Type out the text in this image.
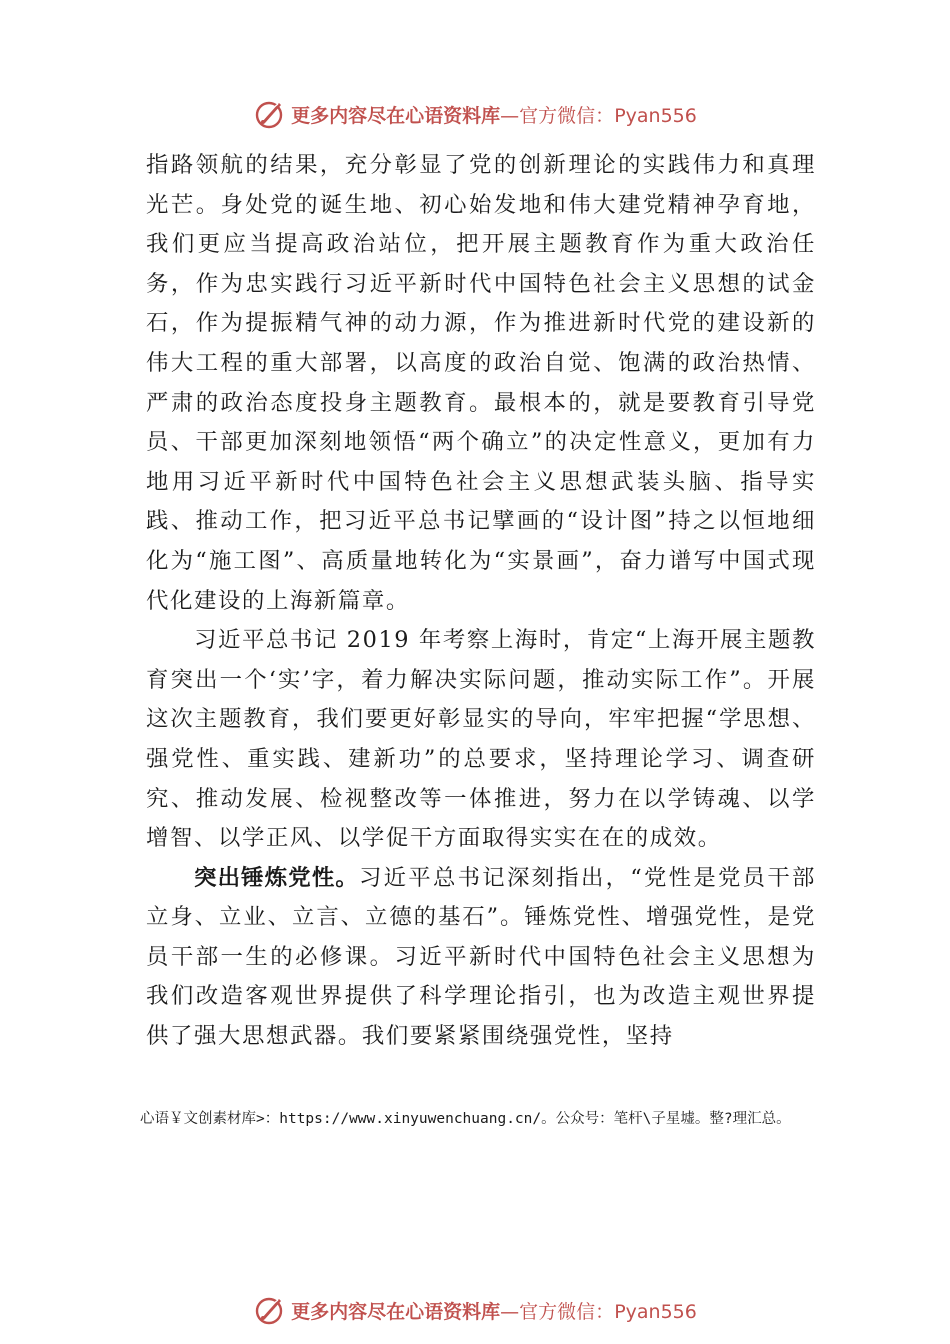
更多内容尽在心语资料库—官方微信：Pyan556

指路领航的结果，充分彰显了党的创新理论的实践伟力和真理光芒。身处党的诞生地、初心始发地和伟大建党精神孕育地，我们更应当提高政治站位，把开展主题教育作为重大政治任务，作为忠实践行习近平新时代中国特色社会主义思想的试金石，作为提振精气神的动力源，作为推进新时代党的建设新的伟大工程的重大部署，以高度的政治自觉、饱满的政治热情、严肃的政治态度投身主题教育。最根本的，就是要教育引导党员、干部更加深刻地领悟“两个确立”的决定性意义，更加有力地用习近平新时代中国特色社会主义思想武装头脑、指导实践、推动工作，把习近平总书记擘画的“设计图”持之以恒地细化为“施工图”、高质量地转化为“实景画”，奋力谱写中国式现代化建设的上海新篇章。

习近平总书记 2019 年考察上海时，肯定“上海开展主题教育突出一个‘实’字，着力解决实际问题，推动实际工作”。开展这次主题教育，我们要更好彰显实的导向，牢牢把握“学思想、强党性、重实践、建新功”的总要求，坚持理论学习、调查研究、推动发展、检视整改等一体推进，努力在以学铸魂、以学增智、以学正风、以学促干方面取得实实在在的成效。

突出锤炼党性。习近平总书记深刻指出，“党性是党员干部立身、立业、立言、立德的基石”。锤炼党性、增强党性，是党员干部一生的必修课。习近平新时代中国特色社会主义思想为我们改造客观世界提供了科学理论指引，也为改造主观世界提供了强大思想武器。我们要紧紧围绕强党性，坚持

心语￥文创素材库>：https://www.xinyuwenchuang.cn/。公众号：笔杆\子星墟。整?理汇总。
更多内容尽在心语资料库—官方微信：Pyan556
